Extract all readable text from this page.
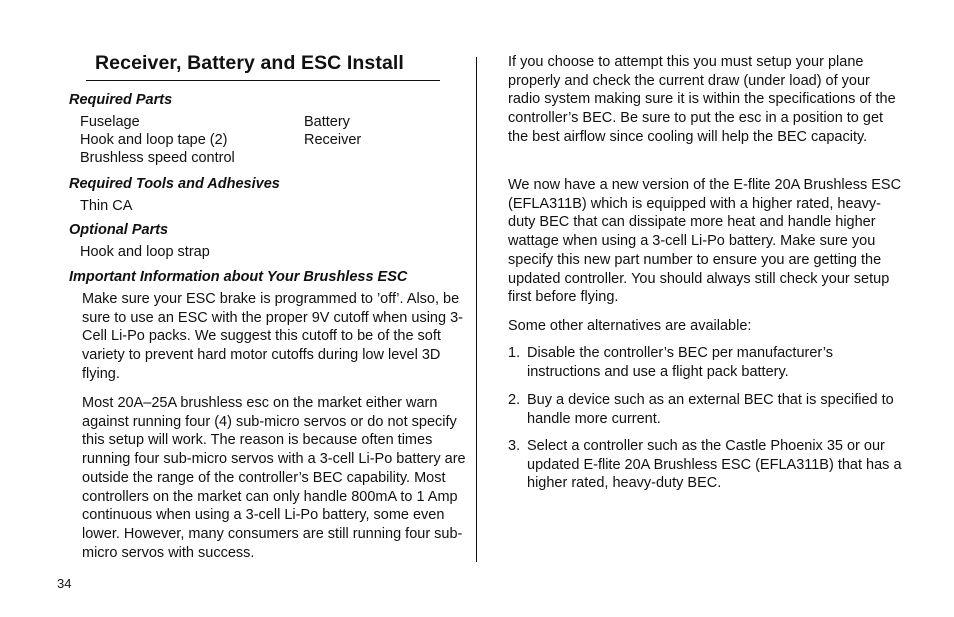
Receiver, Battery and ESC Install
Required Parts
Fuselage	Battery
Hook and loop tape (2)	Receiver
Brushless speed control
Required Tools and Adhesives
Thin CA
Optional Parts
Hook and loop strap
Important Information about Your Brushless ESC

Make sure your ESC brake is programmed to ’off’. Also, be sure to use an ESC with the proper 9V cutoff when using 3-Cell Li-Po packs. We suggest this cutoff to be of the soft variety to prevent hard motor cutoffs during low level 3D flying.

Most 20A–25A brushless esc on the market either warn against running four (4) sub-micro servos or do not specify this setup will work. The reason is because often times running four sub-micro servos with a 3-cell Li-Po battery are outside the range of the controller’s BEC capability. Most controllers on the market can only handle 800mA to 1 Amp continuous when using a 3-cell Li-Po battery, some even lower. However, many consumers are still running four sub-micro servos with success.

If you choose to attempt this you must setup your plane properly and check the current draw (under load) of your radio system making sure it is within the specifications of the controller’s BEC. Be sure to put the esc in a position to get the best airflow since cooling will help the BEC capacity.

We now have a new version of the E-flite 20A Brushless ESC (EFLA311B) which is equipped with a higher rated, heavy-duty BEC that can dissipate more heat and handle higher wattage when using a 3-cell Li-Po battery. Make sure you specify this new part number to ensure you are getting the updated controller. You should always still check your setup first before flying.

Some other alternatives are available:

1. Disable the controller’s BEC per manufacturer’s instructions and use a flight pack battery.
2. Buy a device such as an external BEC that is specified to handle more current.
3. Select a controller such as the Castle Phoenix 35 or our updated E-flite 20A Brushless ESC (EFLA311B) that has a higher rated, heavy-duty BEC.
34
